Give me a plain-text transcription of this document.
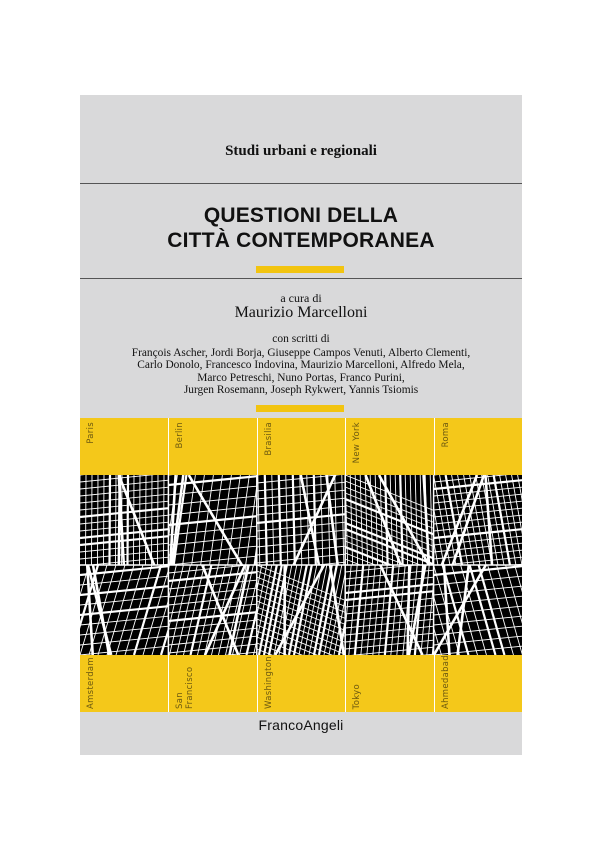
Studi urbani e regionali
QUESTIONI DELLA
CITTÀ CONTEMPORANEA
a cura di
Maurizio Marcelloni
con scritti di
François Ascher, Jordi Borja, Giuseppe Campos Venuti, Alberto Clementi,
Carlo Donolo, Francesco Indovina, Maurizio Marcelloni, Alfredo Mela,
Marco Petreschi, Nuno Portas, Franco Purini,
Jurgen Rosemann, Joseph Rykwert, Yannis Tsiomis
Paris	Berlin	Brasilia	New York	Roma
Amsterdam	San Francisco	Washington	Tokyo	Ahmedabad
FrancoAngeli
